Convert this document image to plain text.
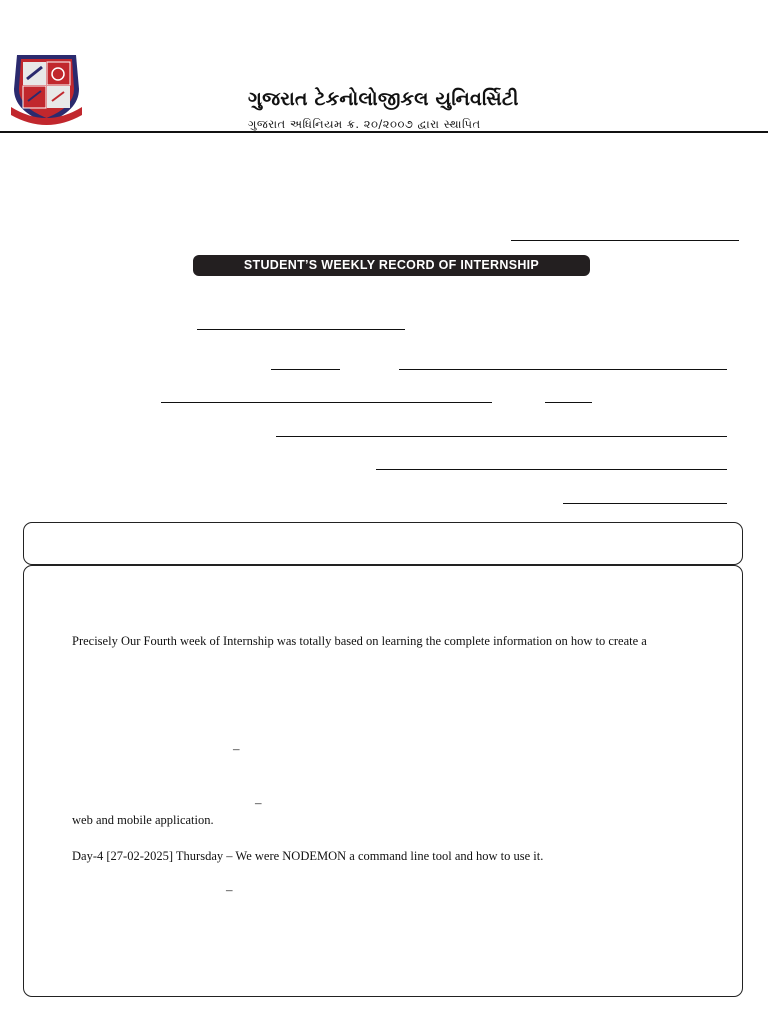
ગુજરાત ટેકનોલોજીકલ યુનિવર્સિટી
ગુજરાત અધિનિયમ ક્ર. ૨૦/૨૦૦૭ દ્વારા સ્થાપિત
STUDENT’S WEEKLY RECORD OF INTERNSHIP
Precisely Our Fourth week of Internship was totally based on learning the complete information on how to create a
–
–
web and mobile application.
Day-4 [27-02-2025] Thursday – We were NODEMON a command line tool and how to use it.
–
